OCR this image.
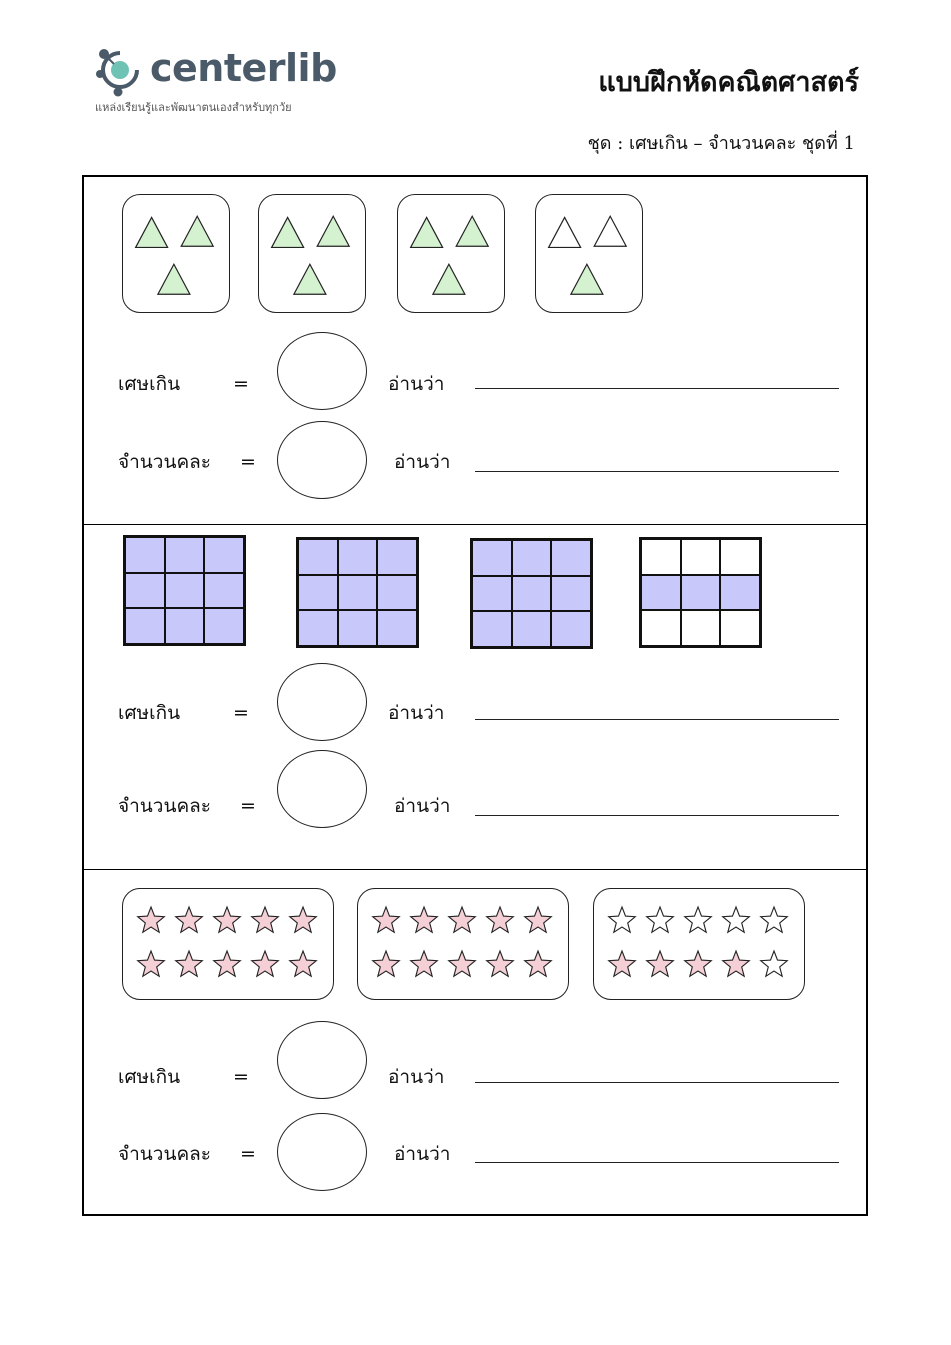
centerlib
แหล่งเรียนรู้และพัฒนาตนเองสำหรับทุกวัย
แบบฝึกหัดคณิตศาสตร์
ชุด : เศษเกิน – จำนวนคละ ชุดที่ 1
เศษเกิน	=	อ่านว่า
จำนวนคละ =	อ่านว่า
เศษเกิน	=	อ่านว่า
จำนวนคละ =	อ่านว่า
เศษเกิน	=	อ่านว่า
จำนวนคละ =	อ่านว่า
